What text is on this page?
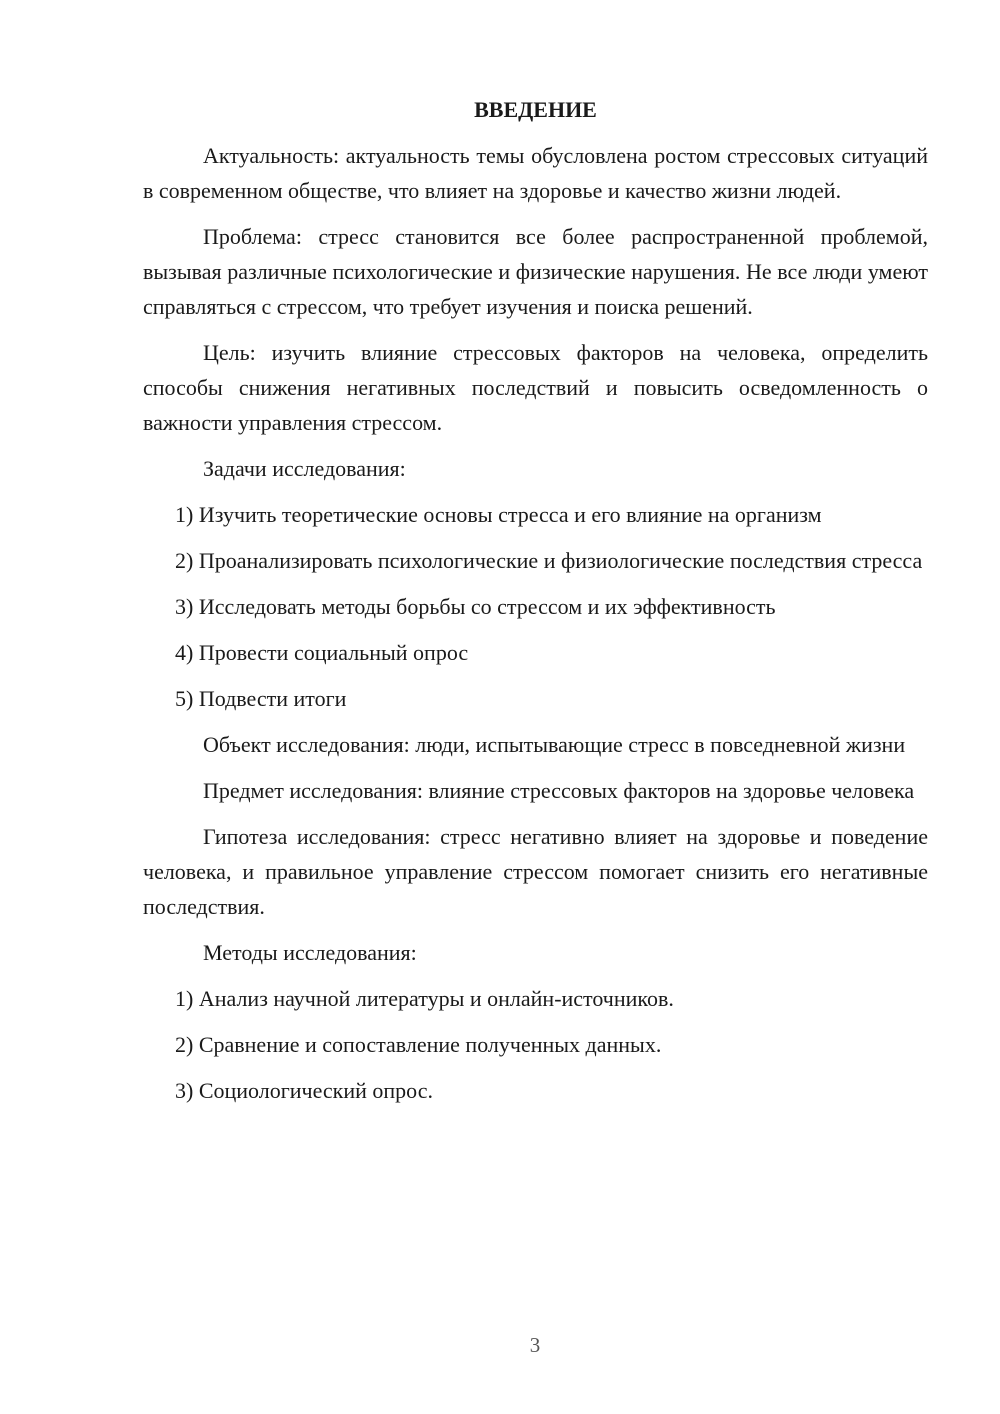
ВВЕДЕНИЕ

Актуальность: актуальность темы обусловлена ростом стрессовых ситуаций в современном обществе, что влияет на здоровье и качество жизни людей.

Проблема: стресс становится все более распространенной проблемой, вызывая различные психологические и физические нарушения. Не все люди умеют справляться с стрессом, что требует изучения и поиска решений.

Цель: изучить влияние стрессовых факторов на человека, определить способы снижения негативных последствий и повысить осведомленность о важности управления стрессом.

Задачи исследования:

1) Изучить теоретические основы стресса и его влияние на организм

2) Проанализировать психологические и физиологические последствия стресса

3) Исследовать методы борьбы со стрессом и их эффективность

4) Провести социальный опрос

5) Подвести итоги

Объект исследования: люди, испытывающие стресс в повседневной жизни

Предмет исследования: влияние стрессовых факторов на здоровье человека

Гипотеза исследования: стресс негативно влияет на здоровье и поведение человека, и правильное управление стрессом помогает снизить его негативные последствия.

Методы исследования:

1) Анализ научной литературы и онлайн-источников.

2) Сравнение и сопоставление полученных данных.

3) Социологический опрос.

3
